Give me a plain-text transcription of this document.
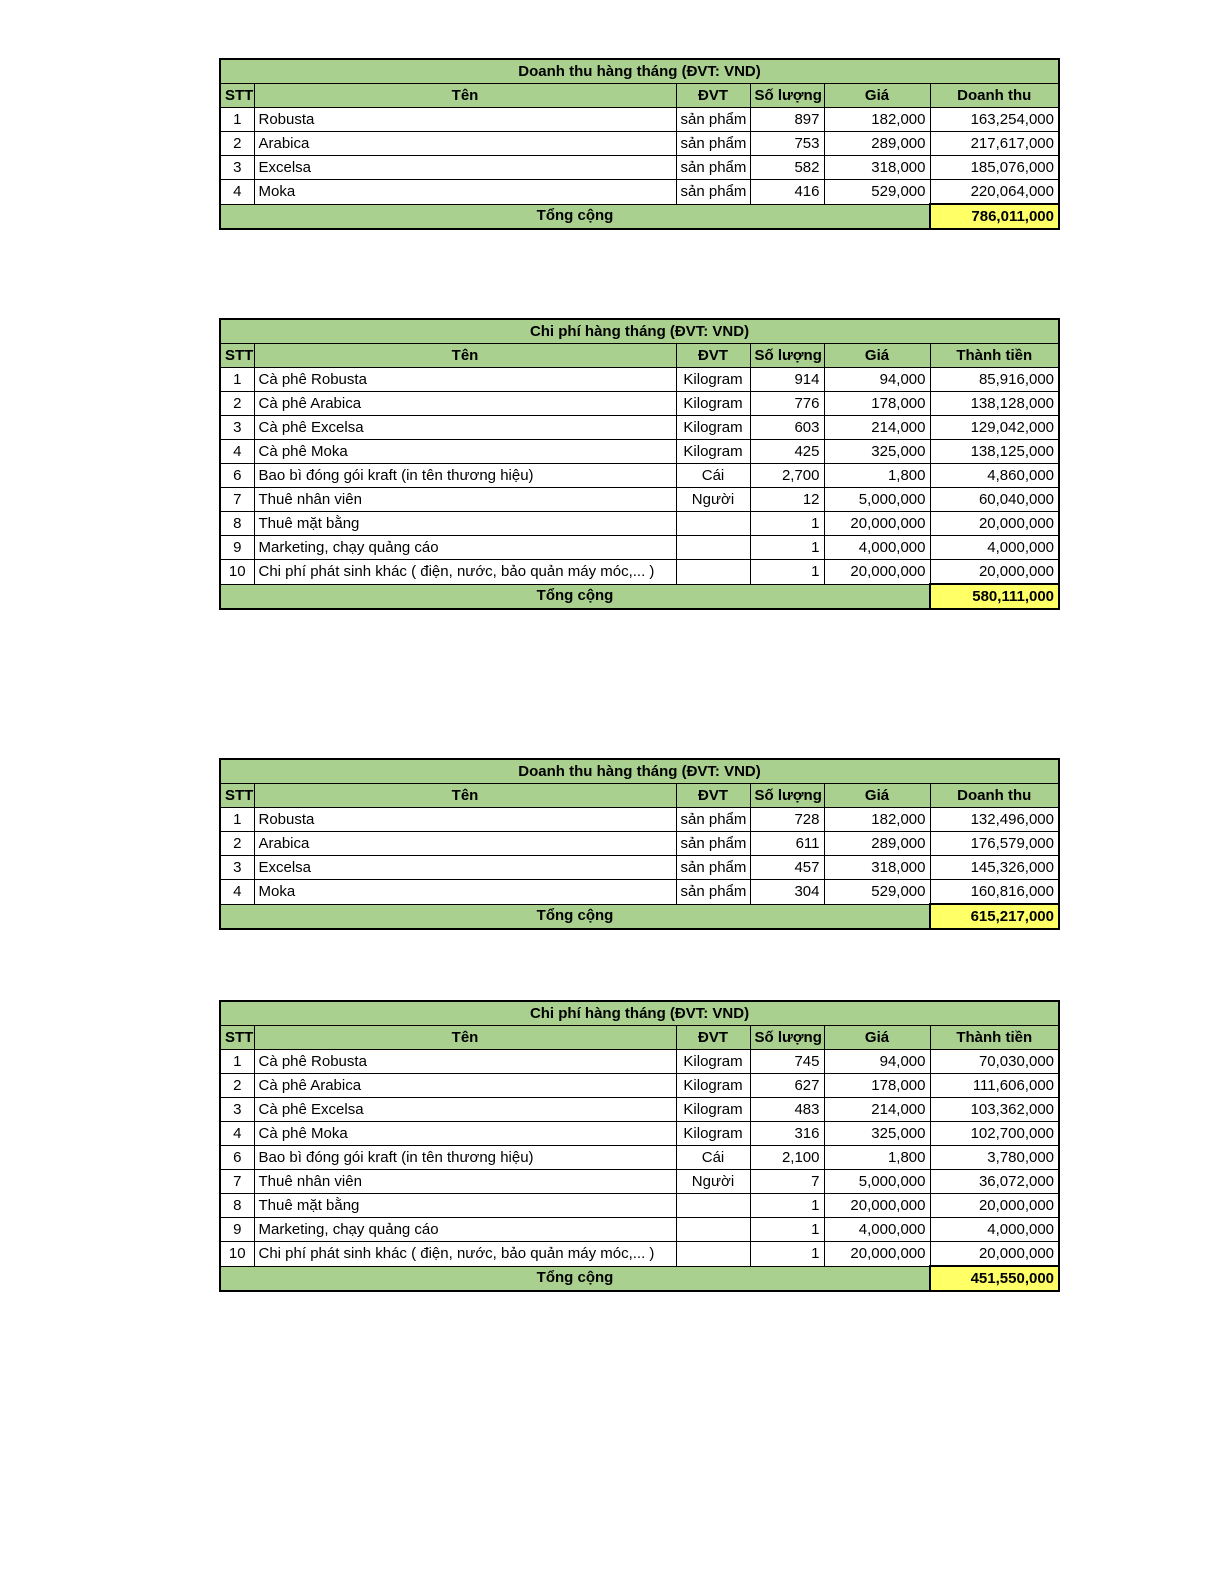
Doanh thu hàng tháng (ĐVT: VND)					
STT	Tên	ĐVT	Số lượng	Giá	Doanh thu
1	Robusta	sản phẩm	897	182,000	163,254,000
2	Arabica	sản phẩm	753	289,000	217,617,000
3	Excelsa	sản phẩm	582	318,000	185,076,000
4	Moka	sản phẩm	416	529,000	220,064,000
Tổng cộng					786,011,000
Chi phí hàng tháng (ĐVT: VND)					
STT	Tên	ĐVT	Số lượng	Giá	Thành tiền
1	Cà phê Robusta	Kilogram	914	94,000	85,916,000
2	Cà phê Arabica	Kilogram	776	178,000	138,128,000
3	Cà phê Excelsa	Kilogram	603	214,000	129,042,000
4	Cà phê Moka	Kilogram	425	325,000	138,125,000
6	Bao bì đóng gói kraft (in tên thương hiệu)	Cái	2,700	1,800	4,860,000
7	Thuê nhân viên	Người	12	5,000,000	60,040,000
8	Thuê mặt bằng		1	20,000,000	20,000,000
9	Marketing, chạy quảng cáo		1	4,000,000	4,000,000
10	Chi phí phát sinh khác ( điện, nước, bảo quản máy móc,... )		1	20,000,000	20,000,000
Tổng cộng					580,111,000
Doanh thu hàng tháng (ĐVT: VND)					
STT	Tên	ĐVT	Số lượng	Giá	Doanh thu
1	Robusta	sản phẩm	728	182,000	132,496,000
2	Arabica	sản phẩm	611	289,000	176,579,000
3	Excelsa	sản phẩm	457	318,000	145,326,000
4	Moka	sản phẩm	304	529,000	160,816,000
Tổng cộng					615,217,000
Chi phí hàng tháng (ĐVT: VND)					
STT	Tên	ĐVT	Số lượng	Giá	Thành tiền
1	Cà phê Robusta	Kilogram	745	94,000	70,030,000
2	Cà phê Arabica	Kilogram	627	178,000	111,606,000
3	Cà phê Excelsa	Kilogram	483	214,000	103,362,000
4	Cà phê Moka	Kilogram	316	325,000	102,700,000
6	Bao bì đóng gói kraft (in tên thương hiệu)	Cái	2,100	1,800	3,780,000
7	Thuê nhân viên	Người	7	5,000,000	36,072,000
8	Thuê mặt bằng		1	20,000,000	20,000,000
9	Marketing, chạy quảng cáo		1	4,000,000	4,000,000
10	Chi phí phát sinh khác ( điện, nước, bảo quản máy móc,... )		1	20,000,000	20,000,000
Tổng cộng					451,550,000
